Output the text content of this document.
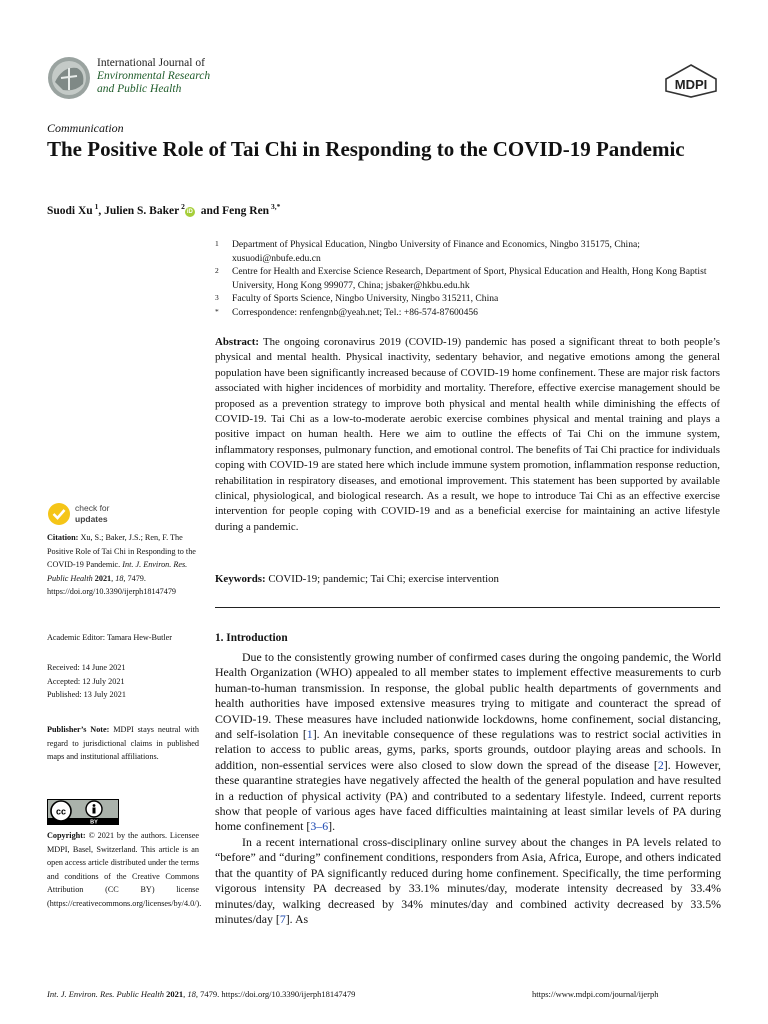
International Journal of
Environmental Research
and Public Health	MDPI
Communication
The Positive Role of Tai Chi in Responding to the COVID-19 Pandemic
Suodi Xu $^1$, Julien S. Baker $^2$iD and Feng Ren $^{3,*}$
1	Department of Physical Education, Ningbo University of Finance and Economics, Ningbo 315175, China; xusuodi@nbufe.edu.cn
2	Centre for Health and Exercise Science Research, Department of Sport, Physical Education and Health, Hong Kong Baptist University, Hong Kong 999077, China; jsbaker@hkbu.edu.hk
3	Faculty of Sports Science, Ningbo University, Ningbo 315211, China
*	Correspondence: renfengnb@yeah.net; Tel.: +86-574-87600456
Abstract: The ongoing coronavirus 2019 (COVID-19) pandemic has posed a significant threat to both people’s physical and mental health. Physical inactivity, sedentary behavior, and negative emotions among the general population have been significantly increased because of COVID-19 home confinement. These are major risk factors associated with higher incidences of morbidity and mortality. Therefore, effective exercise management should be proposed as a prevention strategy to improve both physical and mental health while diminishing the effects of COVID-19. Tai Chi as a low-to-moderate aerobic exercise combines physical and mental training and plays a positive impact on human health. Here we aim to outline the effects of Tai Chi on the immune system, inflammatory responses, pulmonary function, and emotional control. The benefits of Tai Chi practice for individuals coping with COVID-19 are stated here which include immune system promotion, inflammation response reduction, rehabilitation in respiratory diseases, and emotional improvement. This statement has been supported by available clinical, physiological, and biological research. As a result, we hope to introduce Tai Chi as an effective exercise intervention for people coping with COVID-19 and as a beneficial exercise for maintaining an active lifestyle during a pandemic.
Keywords: COVID-19; pandemic; Tai Chi; exercise intervention
check for
updates
Citation: Xu, S.; Baker, J.S.; Ren, F. The Positive Role of Tai Chi in Responding to the COVID-19 Pandemic. Int. J. Environ. Res. Public Health 2021, 18, 7479. https://doi.org/10.3390/ijerph18147479
Academic Editor: Tamara Hew-Butler
Received: 14 June 2021
Accepted: 12 July 2021
Published: 13 July 2021
Publisher’s Note: MDPI stays neutral with regard to jurisdictional claims in published maps and institutional affiliations.
cc
BY
Copyright: © 2021 by the authors. Licensee MDPI, Basel, Switzerland. This article is an open access article distributed under the terms and conditions of the Creative Commons Attribution (CC BY) license (https://creativecommons.org/licenses/by/4.0/).
1. Introduction

Due to the consistently growing number of confirmed cases during the ongoing pandemic, the World Health Organization (WHO) appealed to all member states to implement effective measurements to curb human-to-human transmission. In response, the global public health departments of governments and health authorities have imposed extensive measures trying to mitigate and counteract the spread of COVID-19. These measures have included nationwide lockdowns, home confinement, social distancing, and self-isolation [1]. An inevitable consequence of these regulations was to restrict social activities in relation to access to public areas, gyms, parks, sports grounds, outdoor playing areas and schools. In addition, non-essential services were also closed to slow down the spread of the disease [2]. However, these quarantine strategies have negatively affected the health of the general population and have resulted in a reduction of physical activity (PA) and contributed to a sedentary lifestyle. Indeed, current reports show that people of various ages have faced difficulties maintaining at least similar levels of PA during home confinement [3–6].

In a recent international cross-disciplinary online survey about the changes in PA levels related to “before” and “during” confinement conditions, responders from Asia, Africa, Europe, and others indicated that the quantity of PA significantly reduced during home confinement. Specifically, the time performing vigorous intensity PA decreased by 33.1% minutes/day, moderate intensity decreased by 33.4% minutes/day, walking decreased by 34% minutes/day and combined activity decreased by 33.5% minutes/day [7]. As

Int. J. Environ. Res. Public Health 2021, 18, 7479. https://doi.org/10.3390/ijerph18147479	https://www.mdpi.com/journal/ijerph
